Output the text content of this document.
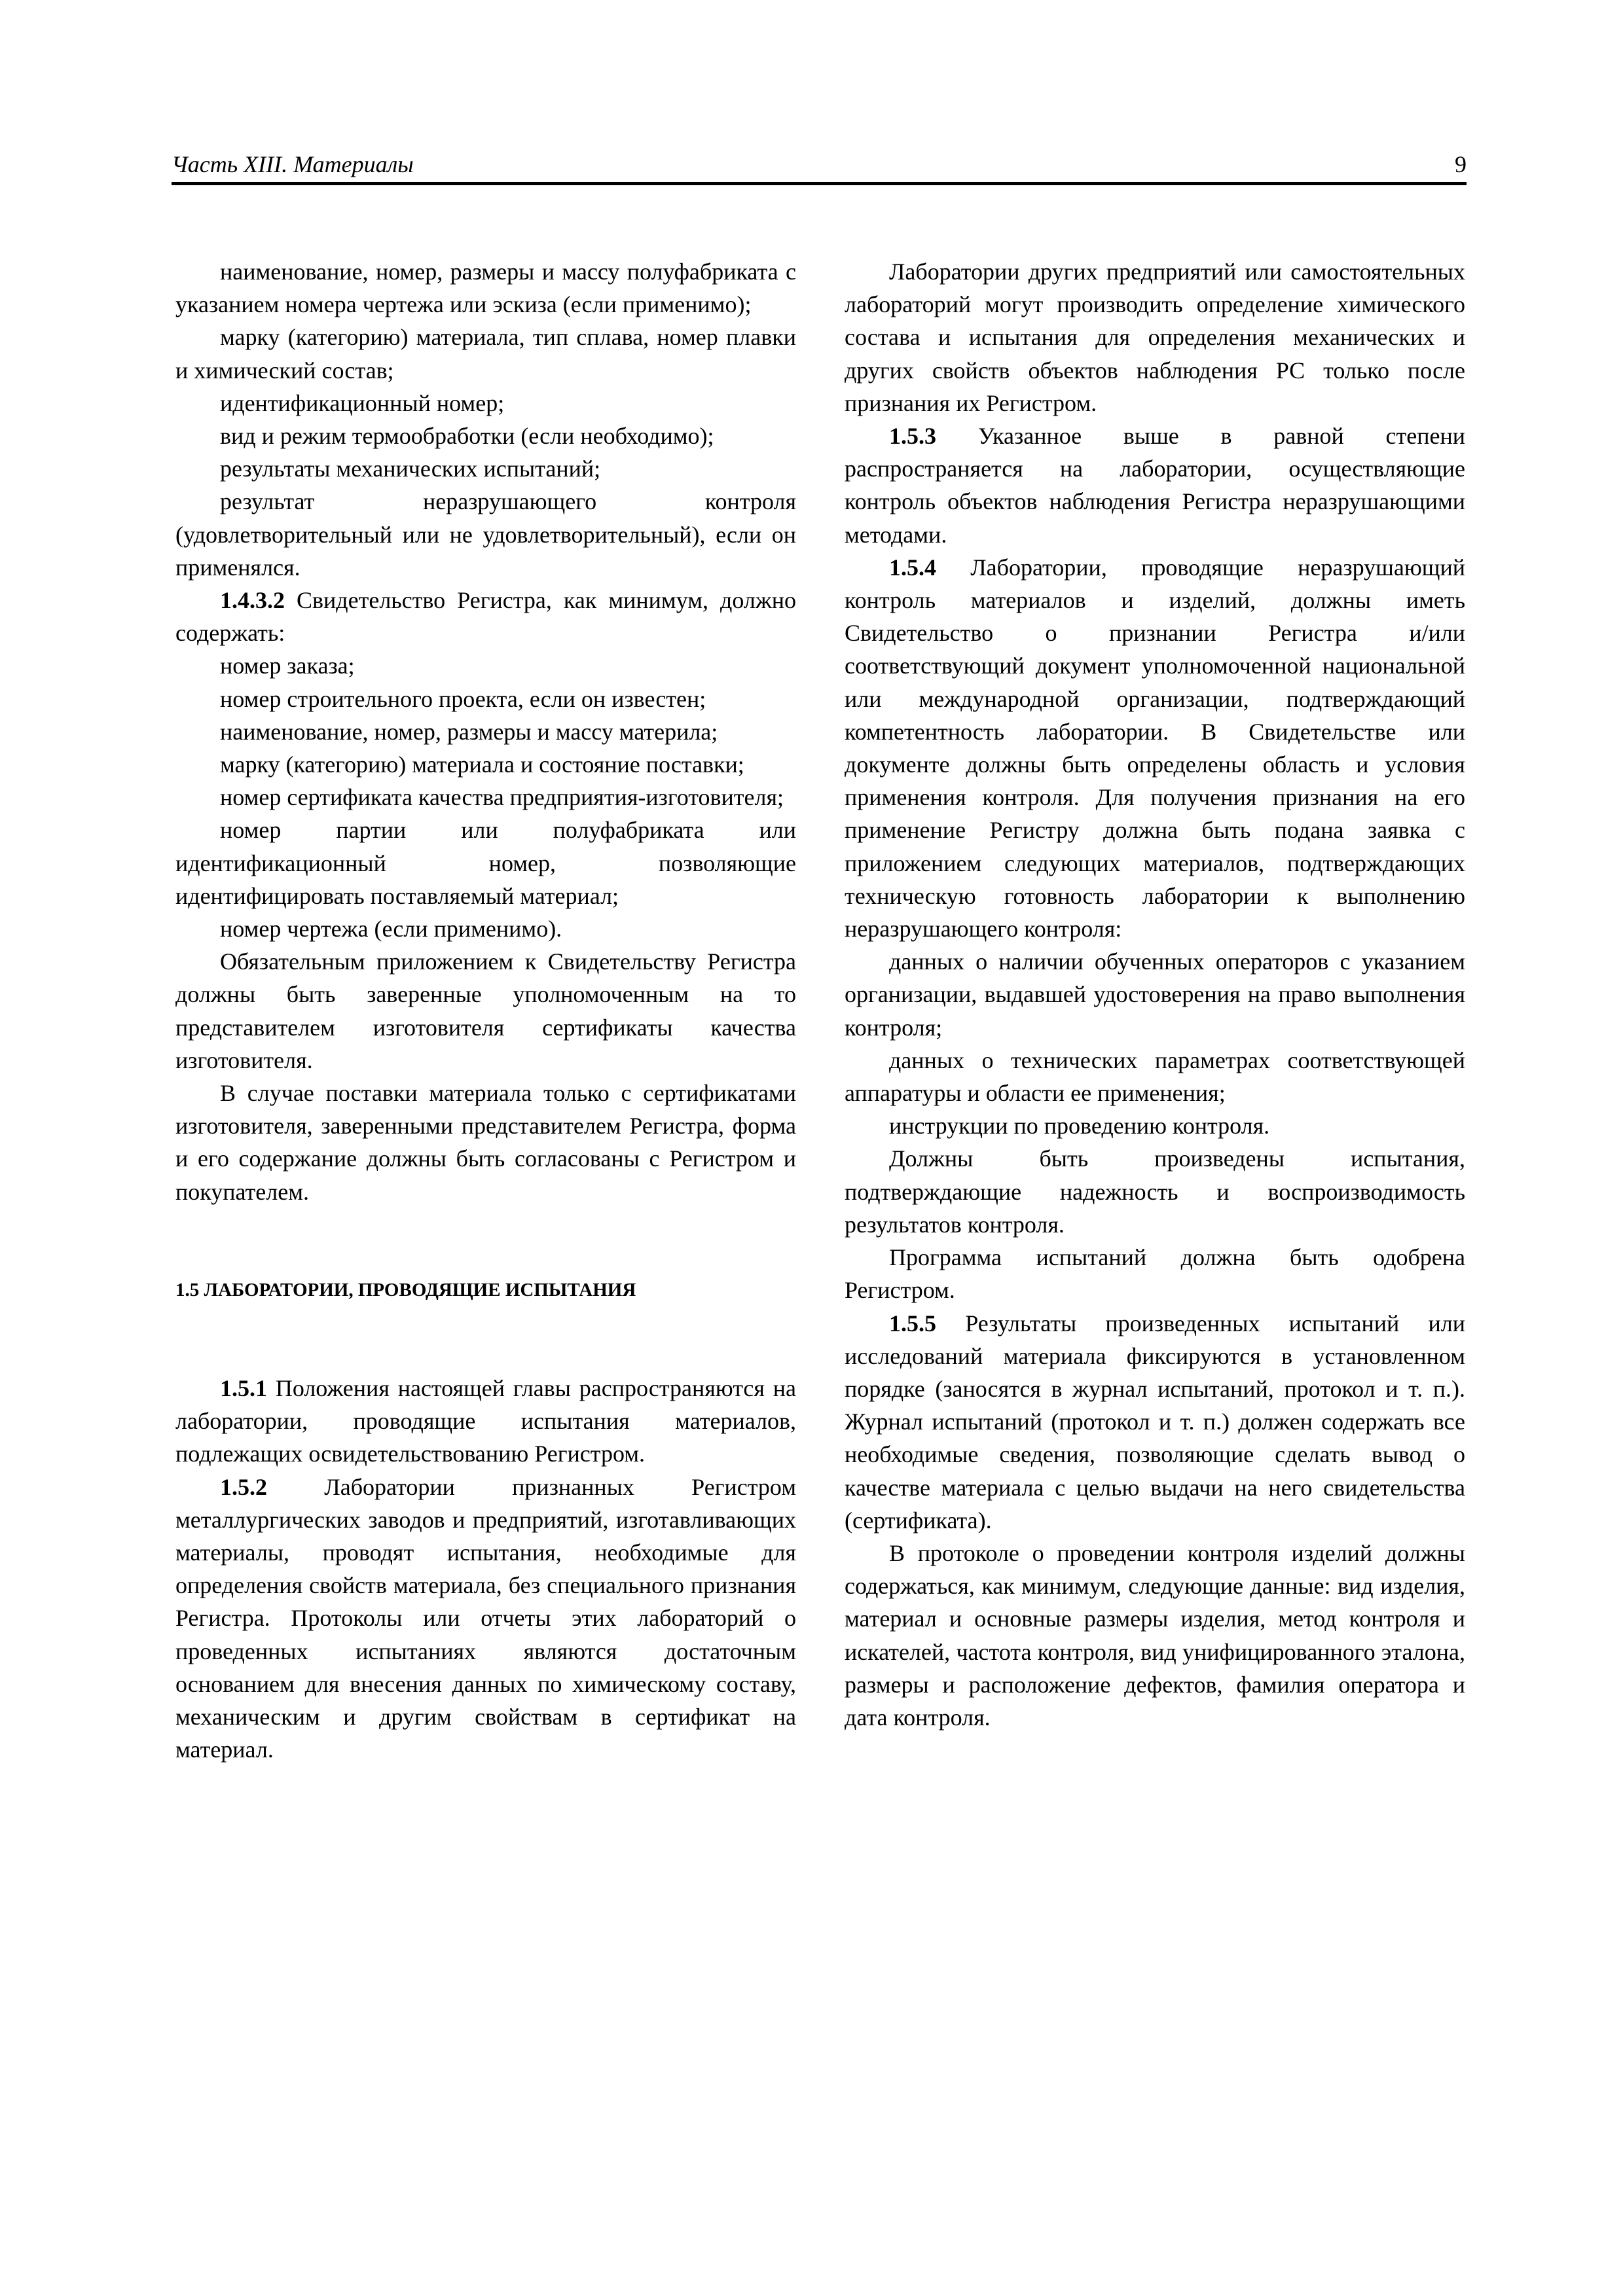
Часть XIII. Материалы	9

наименование, номер, размеры и массу полуфабриката с указанием номера чертежа или эскиза (если применимо);

марку (категорию) материала, тип сплава, номер плавки и химический состав;

идентификационный номер;

вид и режим термообработки (если необходимо);

результаты механических испытаний;

результат неразрушающего контроля (удовлетворительный или не удовлетворительный), если он применялся.

1.4.3.2 Свидетельство Регистра, как минимум, должно содержать:

номер заказа;

номер строительного проекта, если он известен;

наименование, номер, размеры и массу материла;

марку (категорию) материала и состояние поставки;

номер сертификата качества предприятия-изготовителя;

номер партии или полуфабриката или идентификационный номер, позволяющие идентифицировать поставляемый материал;

номер чертежа (если применимо).

Обязательным приложением к Свидетельству Регистра должны быть заверенные уполномоченным на то представителем изготовителя сертификаты качества изготовителя.

В случае поставки материала только с сертификатами изготовителя, заверенными представителем Регистра, форма и его содержание должны быть согласованы с Регистром и покупателем.

1.5 ЛАБОРАТОРИИ, ПРОВОДЯЩИЕ ИСПЫТАНИЯ

1.5.1 Положения настоящей главы распространяются на лаборатории, проводящие испытания материалов, подлежащих освидетельствованию Регистром.

1.5.2 Лаборатории признанных Регистром металлургических заводов и предприятий, изготавливающих материалы, проводят испытания, необходимые для определения свойств материала, без специального признания Регистра. Протоколы или отчеты этих лабораторий о проведенных испытаниях являются достаточным основанием для внесения данных по химическому составу, механическим и другим свойствам в сертификат на материал.

Лаборатории других предприятий или самостоятельных лабораторий могут производить определение химического состава и испытания для определения механических и других свойств объектов наблюдения РС только после признания их Регистром.

1.5.3 Указанное выше в равной степени распространяется на лаборатории, осуществляющие контроль объектов наблюдения Регистра неразрушающими методами.

1.5.4 Лаборатории, проводящие неразрушающий контроль материалов и изделий, должны иметь Свидетельство о признании Регистра и/или соответствующий документ уполномоченной национальной или международной организации, подтверждающий компетентность лаборатории. В Свидетельстве или документе должны быть определены область и условия применения контроля. Для получения признания на его применение Регистру должна быть подана заявка с приложением следующих материалов, подтверждающих техническую готовность лаборатории к выполнению неразрушающего контроля:

данных о наличии обученных операторов с указанием организации, выдавшей удостоверения на право выполнения контроля;

данных о технических параметрах соответствующей аппаратуры и области ее применения;

инструкции по проведению контроля.

Должны быть произведены испытания, подтверждающие надежность и воспроизводимость результатов контроля.

Программа испытаний должна быть одобрена Регистром.

1.5.5 Результаты произведенных испытаний или исследований материала фиксируются в установленном порядке (заносятся в журнал испытаний, протокол и т. п.). Журнал испытаний (протокол и т. п.) должен содержать все необходимые сведения, позволяющие сделать вывод о качестве материала с целью выдачи на него свидетельства (сертификата).

В протоколе о проведении контроля изделий должны содержаться, как минимум, следующие данные: вид изделия, материал и основные размеры изделия, метод контроля и искателей, частота контроля, вид унифицированного эталона, размеры и расположение дефектов, фамилия оператора и дата контроля.
